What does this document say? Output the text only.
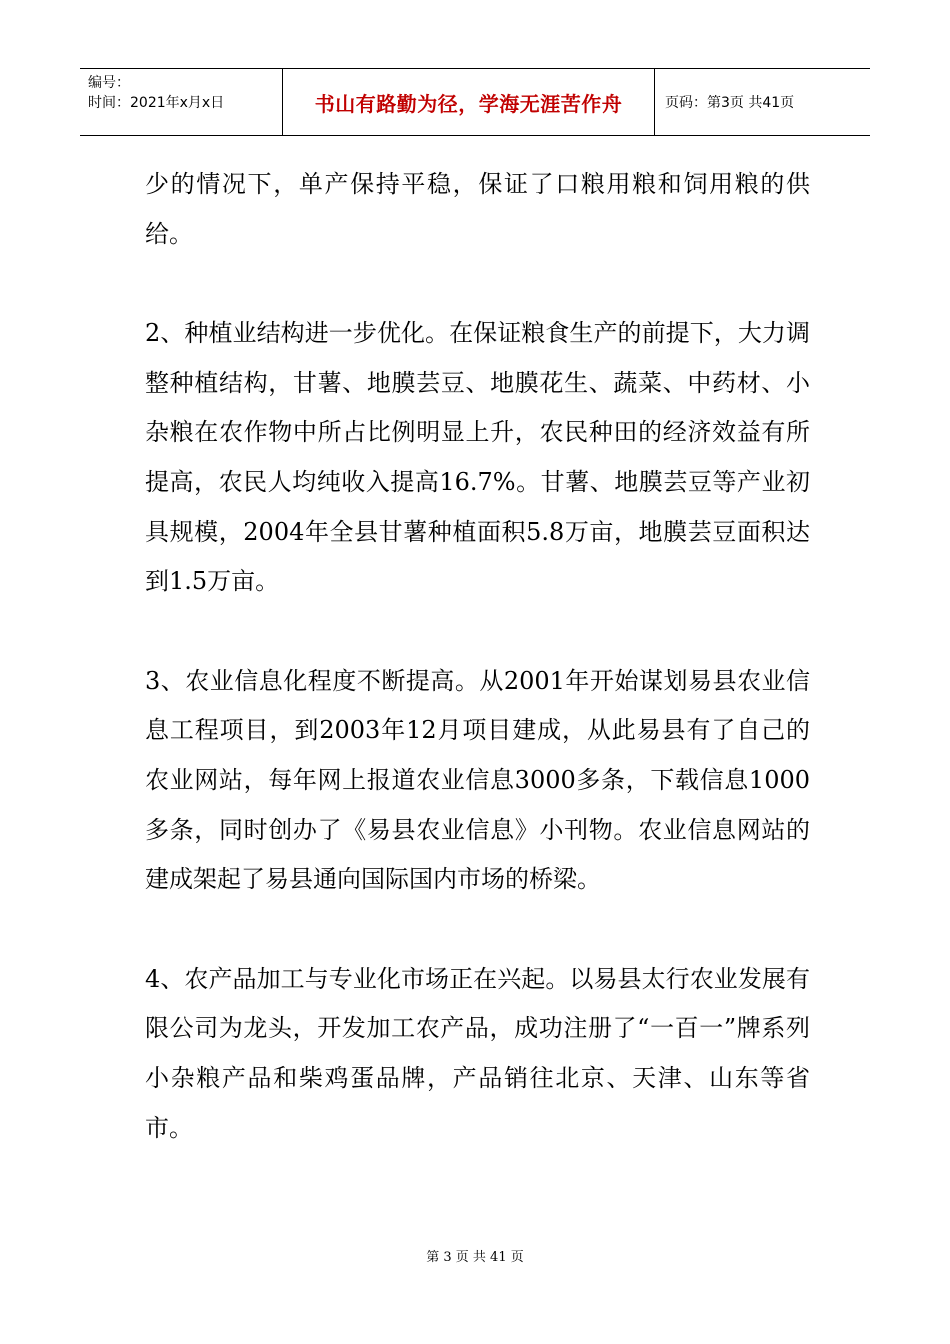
编号：
时间：2021年x月x日	书山有路勤为径，学海无涯苦作舟	页码：第3页 共41页

少的情况下，单产保持平稳，保证了口粮用粮和饲用粮的供给。

2、种植业结构进一步优化。在保证粮食生产的前提下，大力调整种植结构，甘薯、地膜芸豆、地膜花生、蔬菜、中药材、小杂粮在农作物中所占比例明显上升，农民种田的经济效益有所提高，农民人均纯收入提高16.7%。甘薯、地膜芸豆等产业初具规模，2004年全县甘薯种植面积5.8万亩，地膜芸豆面积达到1.5万亩。

3、农业信息化程度不断提高。从2001年开始谋划易县农业信息工程项目，到2003年12月项目建成，从此易县有了自己的农业网站，每年网上报道农业信息3000多条，下载信息1000多条，同时创办了《易县农业信息》小刊物。农业信息网站的建成架起了易县通向国际国内市场的桥梁。

4、农产品加工与专业化市场正在兴起。以易县太行农业发展有限公司为龙头，开发加工农产品，成功注册了“一百一”牌系列小杂粮产品和柴鸡蛋品牌，产品销往北京、天津、山东等省市。

第 3 页 共 41 页
